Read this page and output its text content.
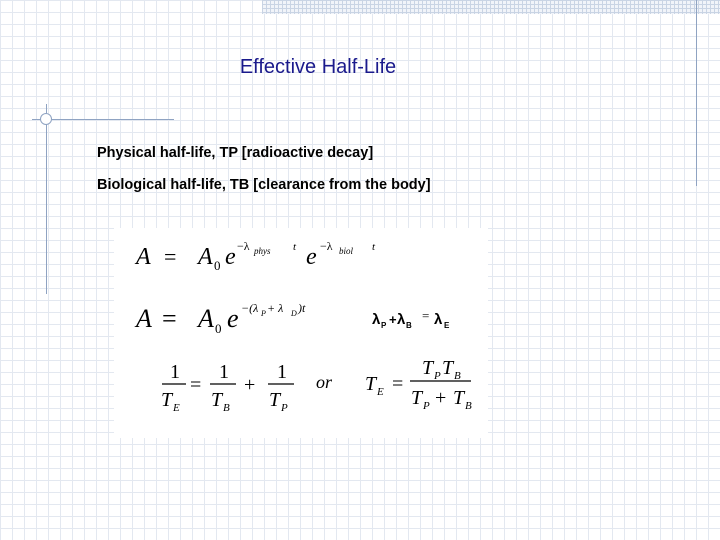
Effective Half-Life
Physical half-life, TP [radioactive decay]
Biological half-life, TB [clearance from the body]
A = A 0 e −λ phys t e −λ biol t
A = A 0 e −(λ P + λ D )t
λ P + λ B
= λ E
1
T E
=
1
T B
+
1
T P
or T E =
T P T B
T P + T B
